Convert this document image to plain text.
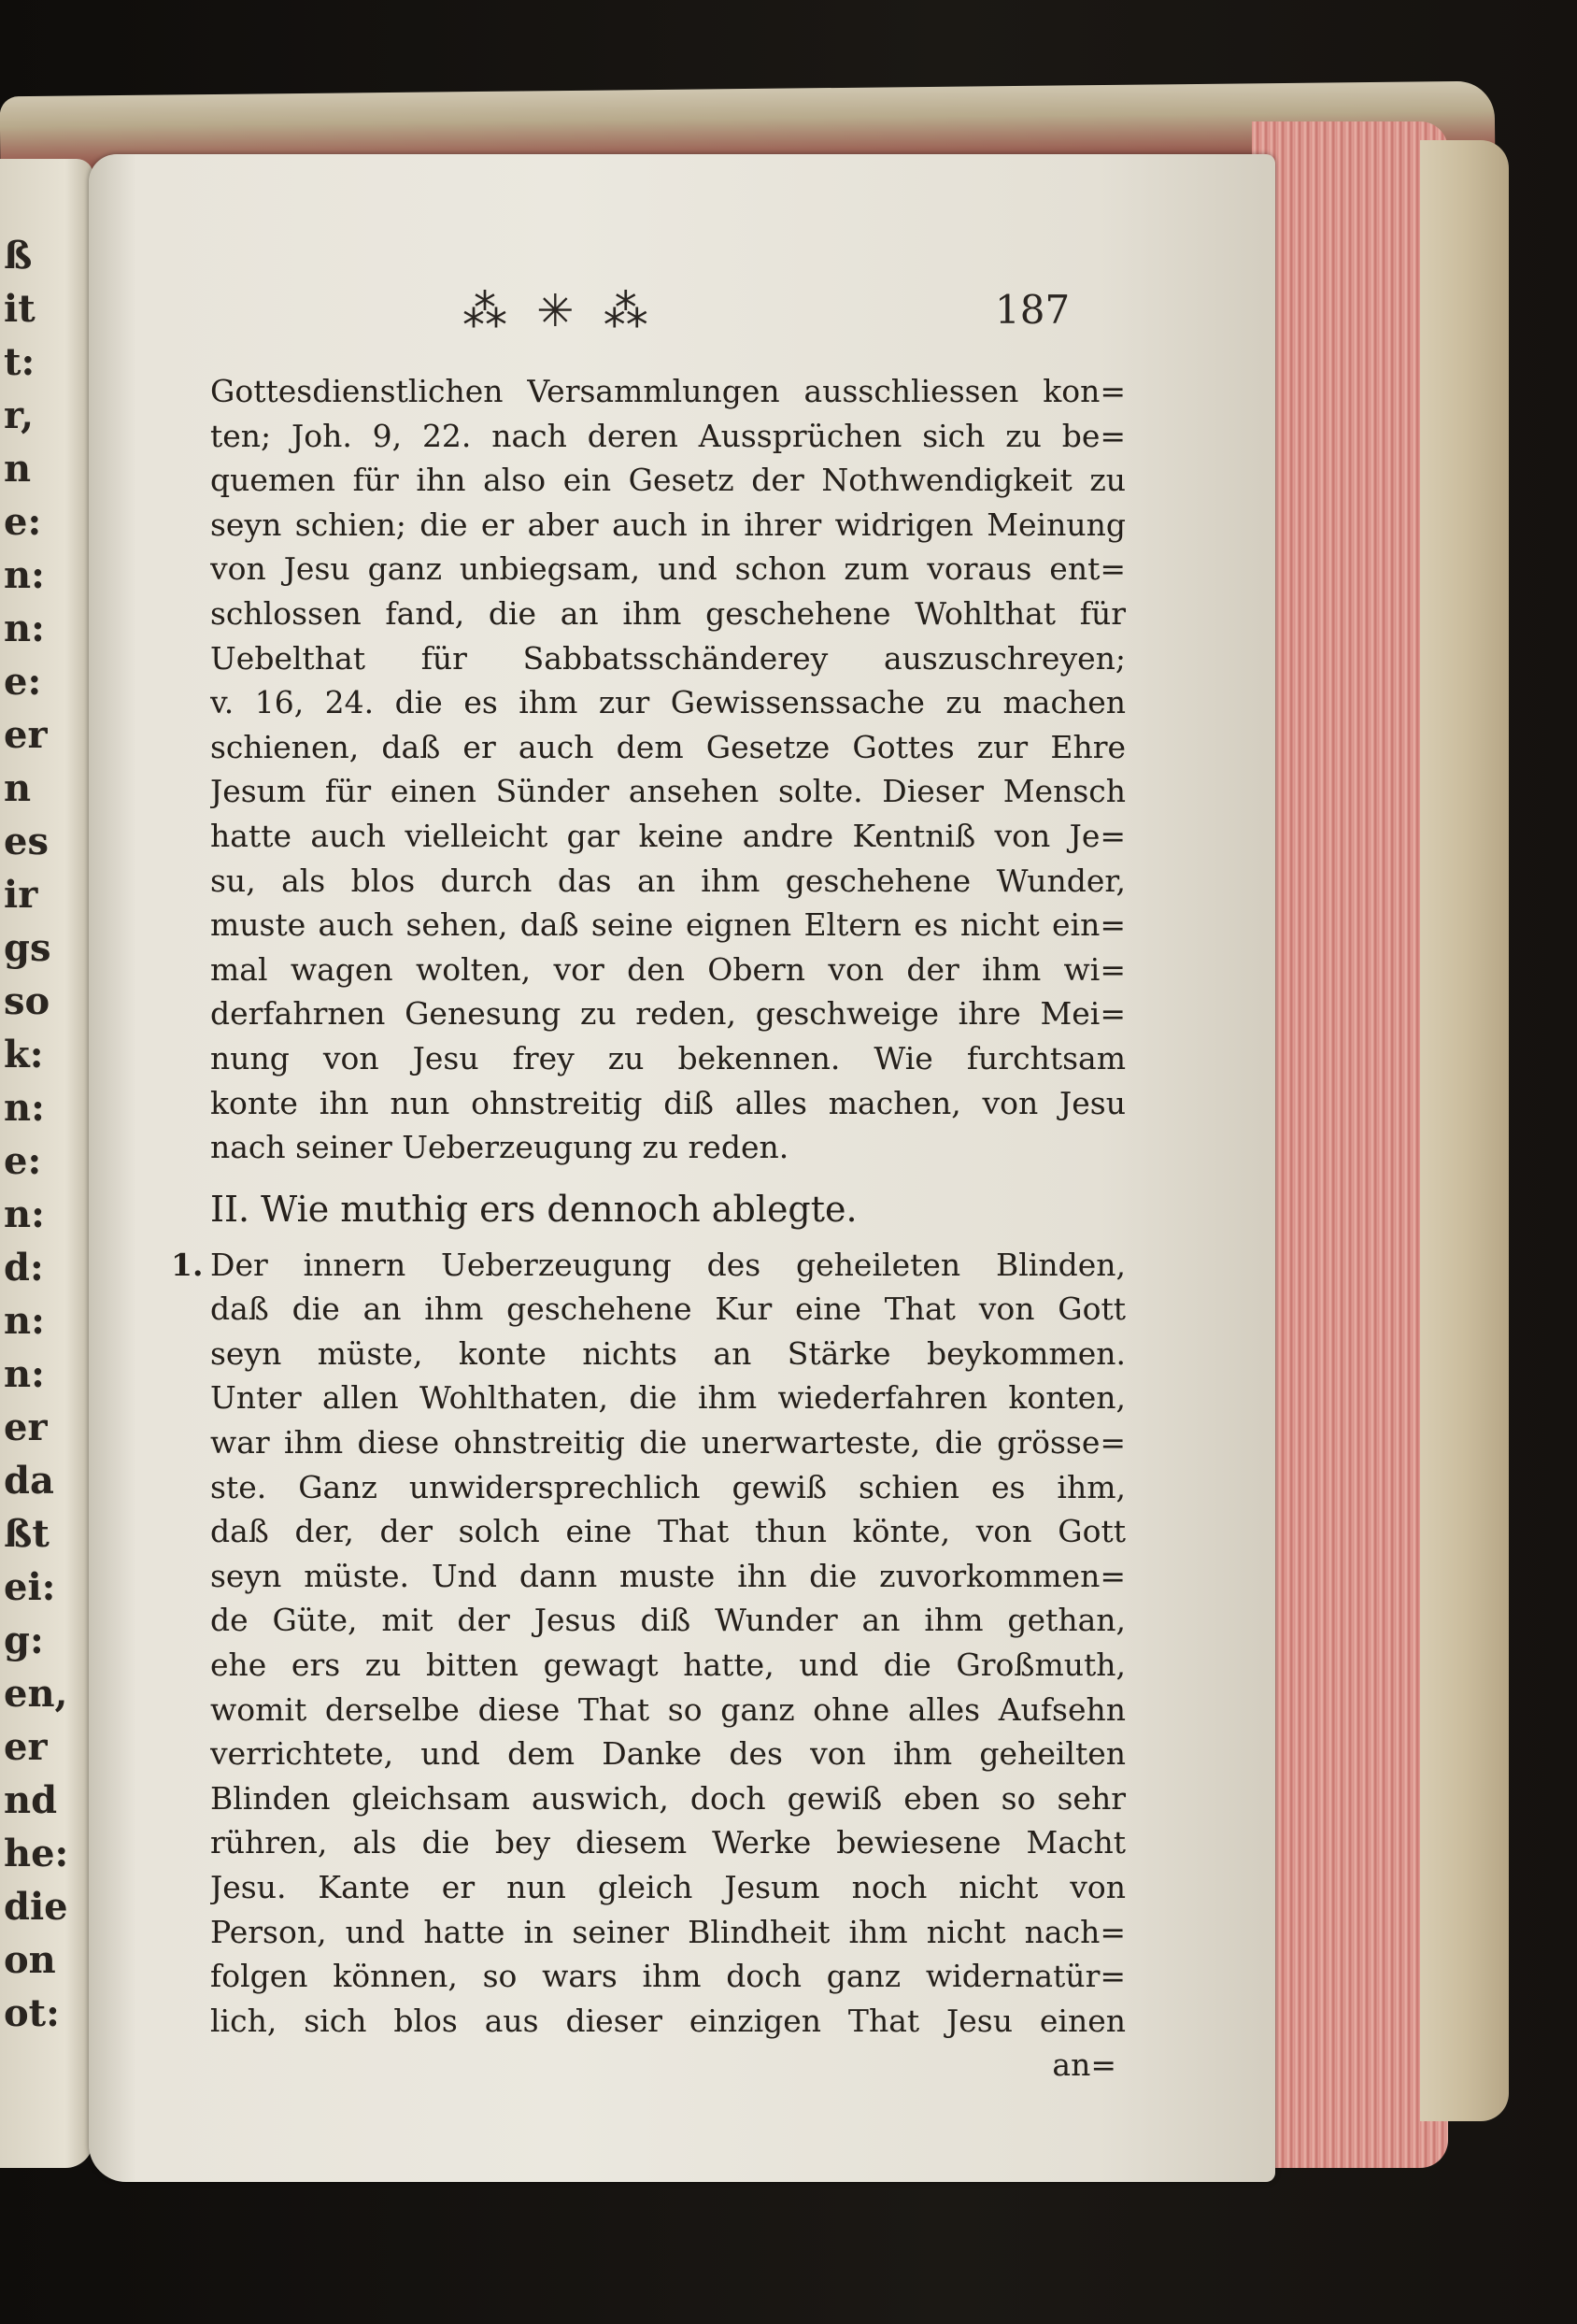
ß
it
t:
r,
n
e:
n:
n:
e:
er
n
es
ir
gs
so
k:
n:
e:
n:
d:
n:
n:
er
da
ßt
ei:
g:
en,
er
nd
he:
die
on
ot:
⁂ ✳ ⁂	187
Gottesdienstlichen Versammlungen ausschliessen kon=
ten; Joh. 9, 22. nach deren Aussprüchen sich zu be=
quemen für ihn also ein Gesetz der Nothwendigkeit zu
seyn schien; die er aber auch in ihrer widrigen Meinung
von Jesu ganz unbiegsam, und schon zum voraus ent=
schlossen fand, die an ihm geschehene Wohlthat für
Uebelthat für Sabbatsschänderey auszuschreyen;
v. 16, 24. die es ihm zur Gewissenssache zu machen
schienen, daß er auch dem Gesetze Gottes zur Ehre
Jesum für einen Sünder ansehen solte. Dieser Mensch
hatte auch vielleicht gar keine andre Kentniß von Je=
su, als blos durch das an ihm geschehene Wunder,
muste auch sehen, daß seine eignen Eltern es nicht ein=
mal wagen wolten, vor den Obern von der ihm wi=
derfahrnen Genesung zu reden, geschweige ihre Mei=
nung von Jesu frey zu bekennen. Wie furchtsam
konte ihn nun ohnstreitig diß alles machen, von Jesu
nach seiner Ueberzeugung zu reden.
II. Wie muthig ers dennoch ablegte.
1. Der innern Ueberzeugung des geheileten Blinden,
daß die an ihm geschehene Kur eine That von Gott
seyn müste, konte nichts an Stärke beykommen.
Unter allen Wohlthaten, die ihm wiederfahren konten,
war ihm diese ohnstreitig die unerwarteste, die grösse=
ste. Ganz unwidersprechlich gewiß schien es ihm,
daß der, der solch eine That thun könte, von Gott
seyn müste. Und dann muste ihn die zuvorkommen=
de Güte, mit der Jesus diß Wunder an ihm gethan,
ehe ers zu bitten gewagt hatte, und die Großmuth,
womit derselbe diese That so ganz ohne alles Aufsehn
verrichtete, und dem Danke des von ihm geheilten
Blinden gleichsam auswich, doch gewiß eben so sehr
rühren, als die bey diesem Werke bewiesene Macht
Jesu. Kante er nun gleich Jesum noch nicht von
Person, und hatte in seiner Blindheit ihm nicht nach=
folgen können, so wars ihm doch ganz widernatür=
lich, sich blos aus dieser einzigen That Jesu einen
an=
